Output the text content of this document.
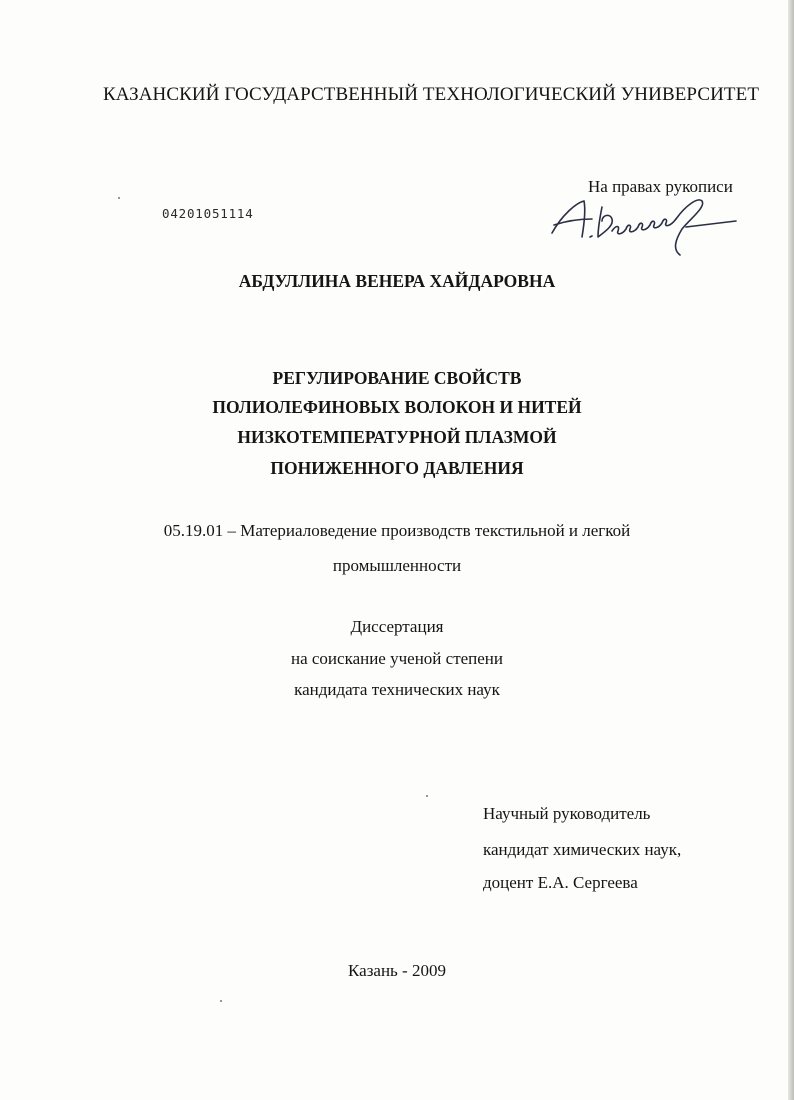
КАЗАНСКИЙ ГОСУДАРСТВЕННЫЙ ТЕХНОЛОГИЧЕСКИЙ УНИВЕРСИТЕТ
На правах рукописи
04201051114
АБДУЛЛИНА ВЕНЕРА ХАЙДАРОВНА
РЕГУЛИРОВАНИЕ СВОЙСТВ
ПОЛИОЛЕФИНОВЫХ ВОЛОКОН И НИТЕЙ
НИЗКОТЕМПЕРАТУРНОЙ ПЛАЗМОЙ
ПОНИЖЕННОГО ДАВЛЕНИЯ
05.19.01 – Материаловедение производств текстильной и легкой
промышленности
Диссертация
на соискание ученой степени
кандидата технических наук
Научный руководитель
кандидат химических наук,
доцент Е.А. Сергеева
Казань - 2009
